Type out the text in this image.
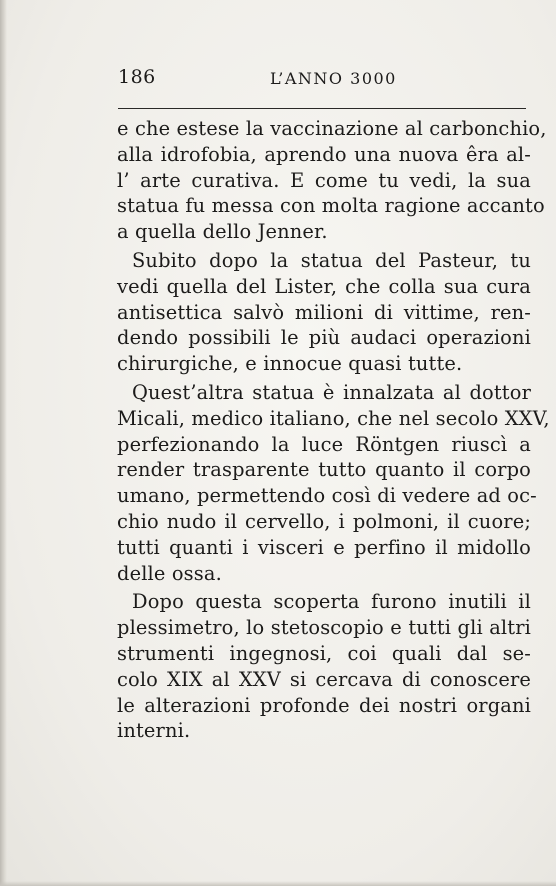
186	L’ANNO 3000
e che estese la vaccinazione al carbonchio,
alla idrofobia, aprendo una nuova êra al-
l’ arte curativa. E come tu vedi, la sua
statua fu messa con molta ragione accanto
a quella dello Jenner.
Subito dopo la statua del Pasteur, tu
vedi quella del Lister, che colla sua cura
antisettica salvò milioni di vittime, ren-
dendo possibili le più audaci operazioni
chirurgiche, e innocue quasi tutte.
Quest’altra statua è innalzata al dottor
Micali, medico italiano, che nel secolo XXV,
perfezionando la luce Röntgen riuscì a
render trasparente tutto quanto il corpo
umano, permettendo così di vedere ad oc-
chio nudo il cervello, i polmoni, il cuore;
tutti quanti i visceri e perfino il midollo
delle ossa.
Dopo questa scoperta furono inutili il
plessimetro, lo stetoscopio e tutti gli altri
strumenti ingegnosi, coi quali dal se-
colo XIX al XXV si cercava di conoscere
le alterazioni profonde dei nostri organi
interni.
